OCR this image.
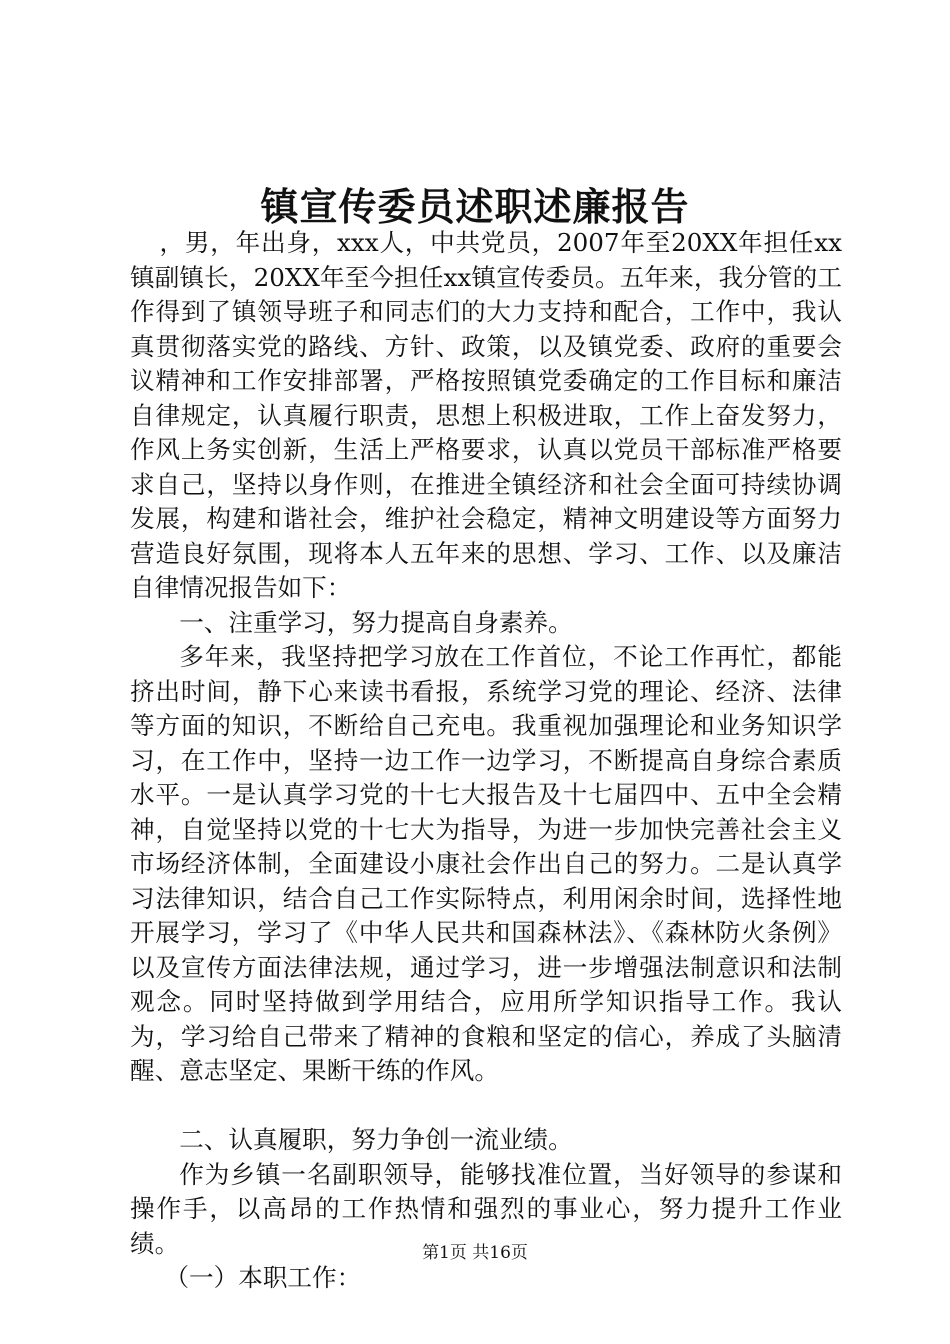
镇宣传委员述职述廉报告

，男，年出身，xxx人，中共党员，2007年至20XX年担任xx镇副镇长，20XX年至今担任xx镇宣传委员。五年来，我分管的工作得到了镇领导班子和同志们的大力支持和配合，工作中，我认真贯彻落实党的路线、方针、政策，以及镇党委、政府的重要会议精神和工作安排部署，严格按照镇党委确定的工作目标和廉洁自律规定，认真履行职责，思想上积极进取，工作上奋发努力，作风上务实创新，生活上严格要求，认真以党员干部标准严格要求自己，坚持以身作则，在推进全镇经济和社会全面可持续协调发展，构建和谐社会，维护社会稳定，精神文明建设等方面努力营造良好氛围，现将本人五年来的思想、学习、工作、以及廉洁自律情况报告如下：

一、注重学习，努力提高自身素养。

多年来，我坚持把学习放在工作首位，不论工作再忙，都能挤出时间，静下心来读书看报，系统学习党的理论、经济、法律等方面的知识，不断给自己充电。我重视加强理论和业务知识学习，在工作中，坚持一边工作一边学习，不断提高自身综合素质水平。一是认真学习党的十七大报告及十七届四中、五中全会精神，自觉坚持以党的十七大为指导，为进一步加快完善社会主义市场经济体制，全面建设小康社会作出自己的努力。二是认真学习法律知识，结合自己工作实际特点，利用闲余时间，选择性地开展学习，学习了《中华人民共和国森林法》、《森林防火条例》以及宣传方面法律法规，通过学习，进一步增强法制意识和法制观念。同时坚持做到学用结合，应用所学知识指导工作。我认为，学习给自己带来了精神的食粮和坚定的信心，养成了头脑清醒、意志坚定、果断干练的作风。

二、认真履职，努力争创一流业绩。

作为乡镇一名副职领导，能够找准位置，当好领导的参谋和操作手，以高昂的工作热情和强烈的事业心，努力提升工作业绩。

（一）本职工作：

第1页 共16页
